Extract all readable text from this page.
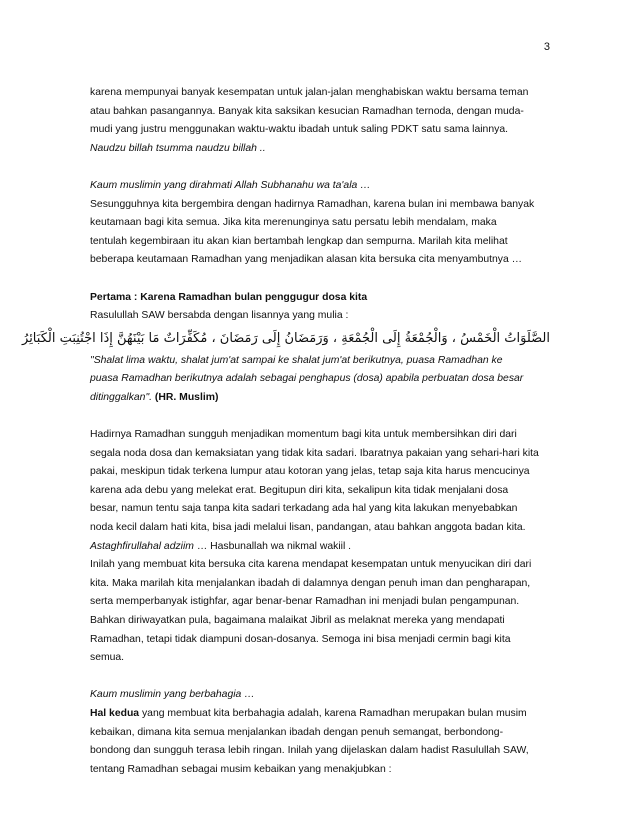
3

karena mempunyai banyak kesempatan untuk jalan-jalan menghabiskan waktu bersama teman

atau bahkan pasangannya. Banyak kita saksikan kesucian Ramadhan ternoda, dengan muda-

mudi yang justru menggunakan waktu-waktu ibadah untuk saling PDKT satu sama lainnya.

Naudzu billah tsumma naudzu billah ..

Kaum muslimin yang dirahmati Allah Subhanahu wa ta'ala …

Sesungguhnya kita bergembira dengan hadirnya Ramadhan, karena bulan ini membawa banyak

keutamaan bagi kita semua. Jika kita merenunginya satu persatu lebih mendalam, maka

tentulah kegembiraan itu akan kian bertambah lengkap dan sempurna. Marilah kita melihat

beberapa keutamaan Ramadhan yang menjadikan alasan kita bersuka cita menyambutnya …

Pertama : Karena Ramadhan bulan penggugur dosa kita

Rasulullah SAW bersabda dengan lisannya yang mulia :

الصَّلَوَاتُ الْخَمْسُ ، وَالْجُمْعَةُ إِلَى الْجُمْعَةِ ، وَرَمَضَانُ إِلَى رَمَضَانَ ، مُكَفِّرَاتٌ مَا بَيْنَهُنَّ إِذَا اجْتُنِبَتِ الْكَبَائِرُ

"Shalat lima waktu, shalat jum'at sampai ke shalat jum'at berikutnya, puasa Ramadhan ke

puasa Ramadhan berikutnya adalah sebagai penghapus (dosa) apabila perbuatan dosa besar

ditinggalkan". (HR. Muslim)

Hadirnya Ramadhan sungguh menjadikan momentum bagi kita untuk membersihkan diri dari

segala noda dosa dan kemaksiatan yang tidak kita sadari. Ibaratnya pakaian yang sehari-hari kita

pakai, meskipun tidak terkena lumpur atau kotoran yang jelas, tetap saja kita harus mencucinya

karena ada debu yang melekat erat. Begitupun diri kita, sekalipun kita tidak menjalani dosa

besar, namun tentu saja tanpa kita sadari terkadang ada hal yang kita lakukan menyebabkan

noda kecil dalam hati kita, bisa jadi melalui lisan, pandangan, atau bahkan anggota badan kita.

Astaghfirullahal adziim … Hasbunallah wa nikmal wakiil .

Inilah yang membuat kita bersuka cita karena mendapat kesempatan untuk menyucikan diri dari

kita. Maka marilah kita menjalankan ibadah di dalamnya dengan penuh iman dan pengharapan,

serta memperbanyak istighfar, agar benar-benar Ramadhan ini menjadi bulan pengampunan.

Bahkan diriwayatkan pula, bagaimana malaikat Jibril as melaknat mereka yang mendapati

Ramadhan, tetapi tidak diampuni dosan-dosanya. Semoga ini bisa menjadi cermin bagi kita

semua.

Kaum muslimin yang berbahagia …

Hal kedua yang membuat kita berbahagia adalah, karena Ramadhan merupakan bulan musim

kebaikan, dimana kita semua menjalankan ibadah dengan penuh semangat, berbondong-

bondong dan sungguh terasa lebih ringan. Inilah yang dijelaskan dalam hadist Rasulullah SAW,

tentang Ramadhan sebagai musim kebaikan yang menakjubkan :
